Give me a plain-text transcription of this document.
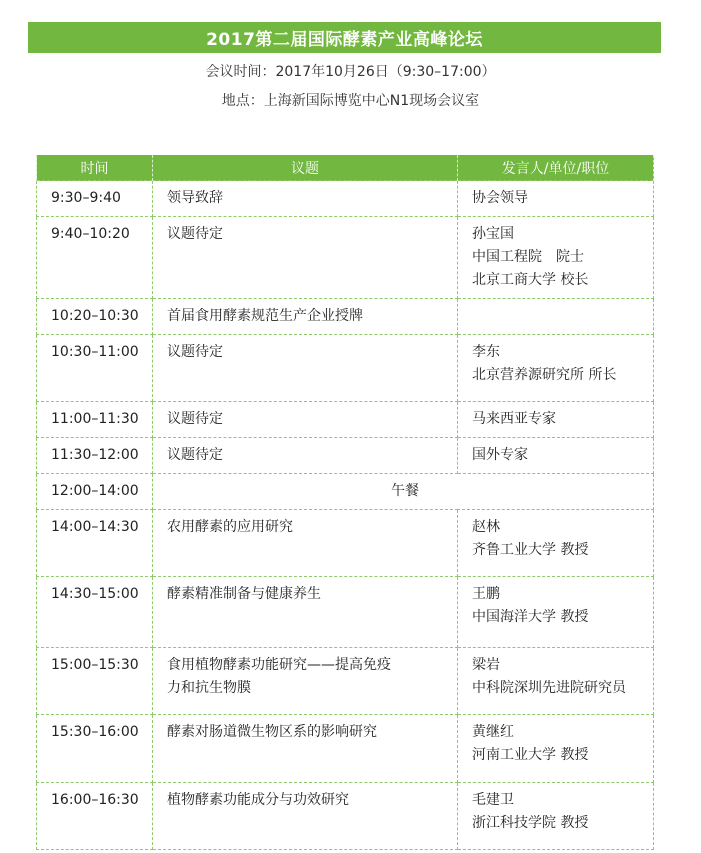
2017第二届国际酵素产业高峰论坛
会议时间：2017年10月26日（9:30–17:00）
地点：上海新国际博览中心N1现场会议室
时间	议题	发言人/单位/职位
9:30–9:40	领导致辞	协会领导

9:40–10:20	议题待定	孙宝国
中国工程院　院士
北京工商大学 校长

10:20–10:30	首届食用酵素规范生产企业授牌	

10:30–11:00	议题待定	李东
北京营养源研究所 所长

11:00–11:30	议题待定	马来西亚专家

11:30–12:00	议题待定	国外专家

12:00–14:00	午餐	
14:00–14:30	农用酵素的应用研究	赵林
齐鲁工业大学 教授

14:30–15:00	酵素精准制备与健康养生	王鹏
中国海洋大学 教授

15:00–15:30	食用植物酵素功能研究——提高免疫
力和抗生物膜	梁岩
中科院深圳先进院研究员

15:30–16:00	酵素对肠道微生物区系的影响研究	黄继红
河南工业大学 教授

16:00–16:30	植物酵素功能成分与功效研究	毛建卫
浙江科技学院 教授
